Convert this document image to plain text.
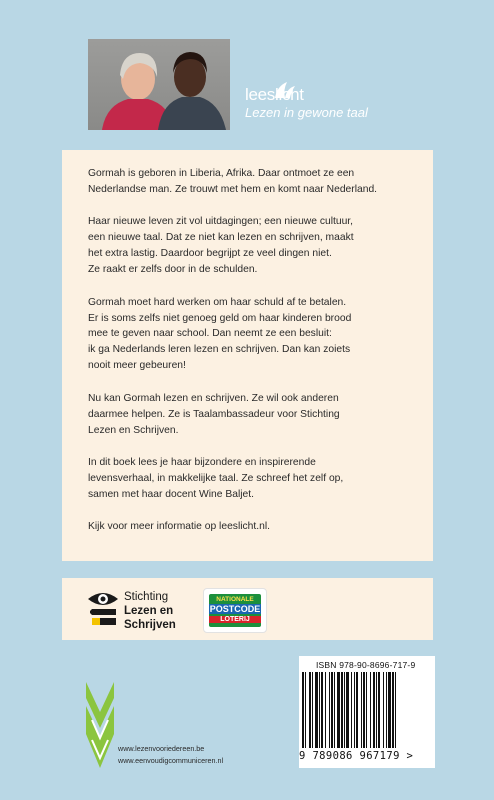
leeslicht
Lezen in gewone taal

Gormah is geboren in Liberia, Afrika. Daar ontmoet ze een
Nederlandse man. Ze trouwt met hem en komt naar Nederland.

Haar nieuwe leven zit vol uitdagingen; een nieuwe cultuur,
een nieuwe taal. Dat ze niet kan lezen en schrijven, maakt
het extra lastig. Daardoor begrijpt ze veel dingen niet.
Ze raakt er zelfs door in de schulden.

Gormah moet hard werken om haar schuld af te betalen.
Er is soms zelfs niet genoeg geld om haar kinderen brood
mee te geven naar school. Dan neemt ze een besluit:
ik ga Nederlands leren lezen en schrijven. Dan kan zoiets
nooit meer gebeuren!

Nu kan Gormah lezen en schrijven. Ze wil ook anderen
daarmee helpen. Ze is Taalambassadeur voor Stichting
Lezen en Schrijven.

In dit boek lees je haar bijzondere en inspirerende
levensverhaal, in makkelijke taal. Ze schreef het zelf op,
samen met haar docent Wine Baljet.

Kijk voor meer informatie op leeslicht.nl.

Stichting
Lezen en
Schrijven
NATIONALE
POSTCODE
LOTERIJ
ISBN 978-90-8696-717-9
9 789086 967179 >
www.lezenvooriedereen.be
www.eenvoudigcommuniceren.nl
